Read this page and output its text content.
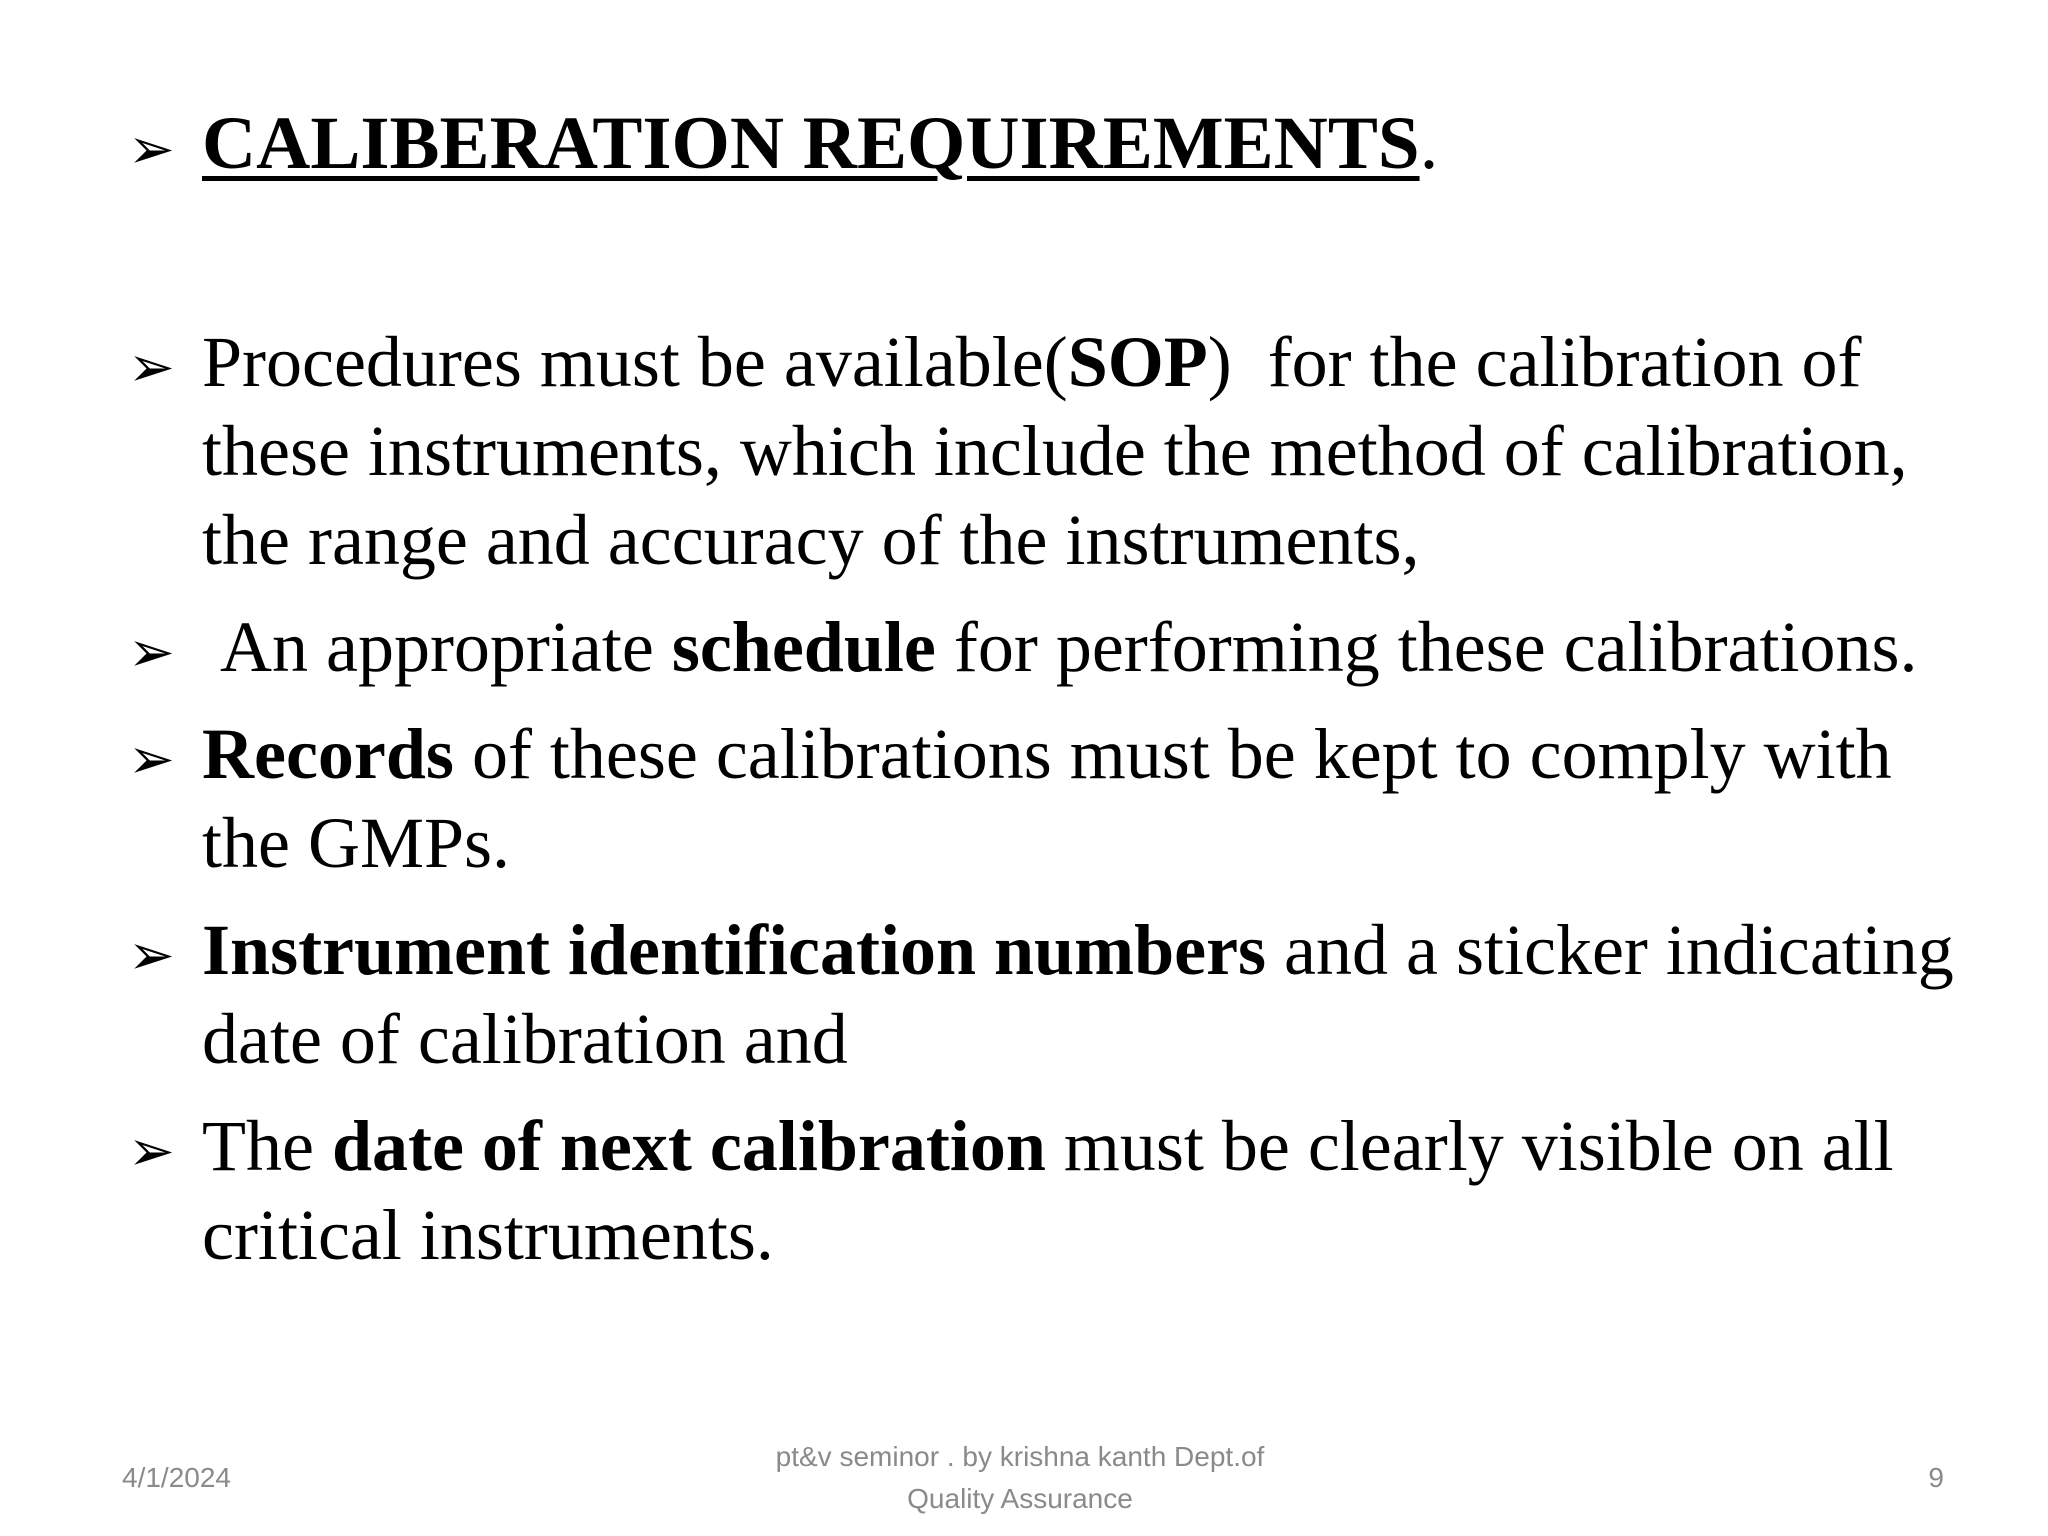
➢ CALIBERATION REQUIREMENTS.
➢ Procedures must be available(SOP)  for the calibration of these instruments, which include the method of calibration,  the range and accuracy of the instruments,
➢ An appropriate schedule for performing these calibrations.
➢ Records of these calibrations must be kept to comply with the GMPs.
➢ Instrument identification numbers and a sticker indicating date of calibration and
➢ The date of next calibration must be clearly visible on all critical instruments.
4/1/2024
pt&v seminor . by krishna kanth Dept.of
Quality Assurance
9
